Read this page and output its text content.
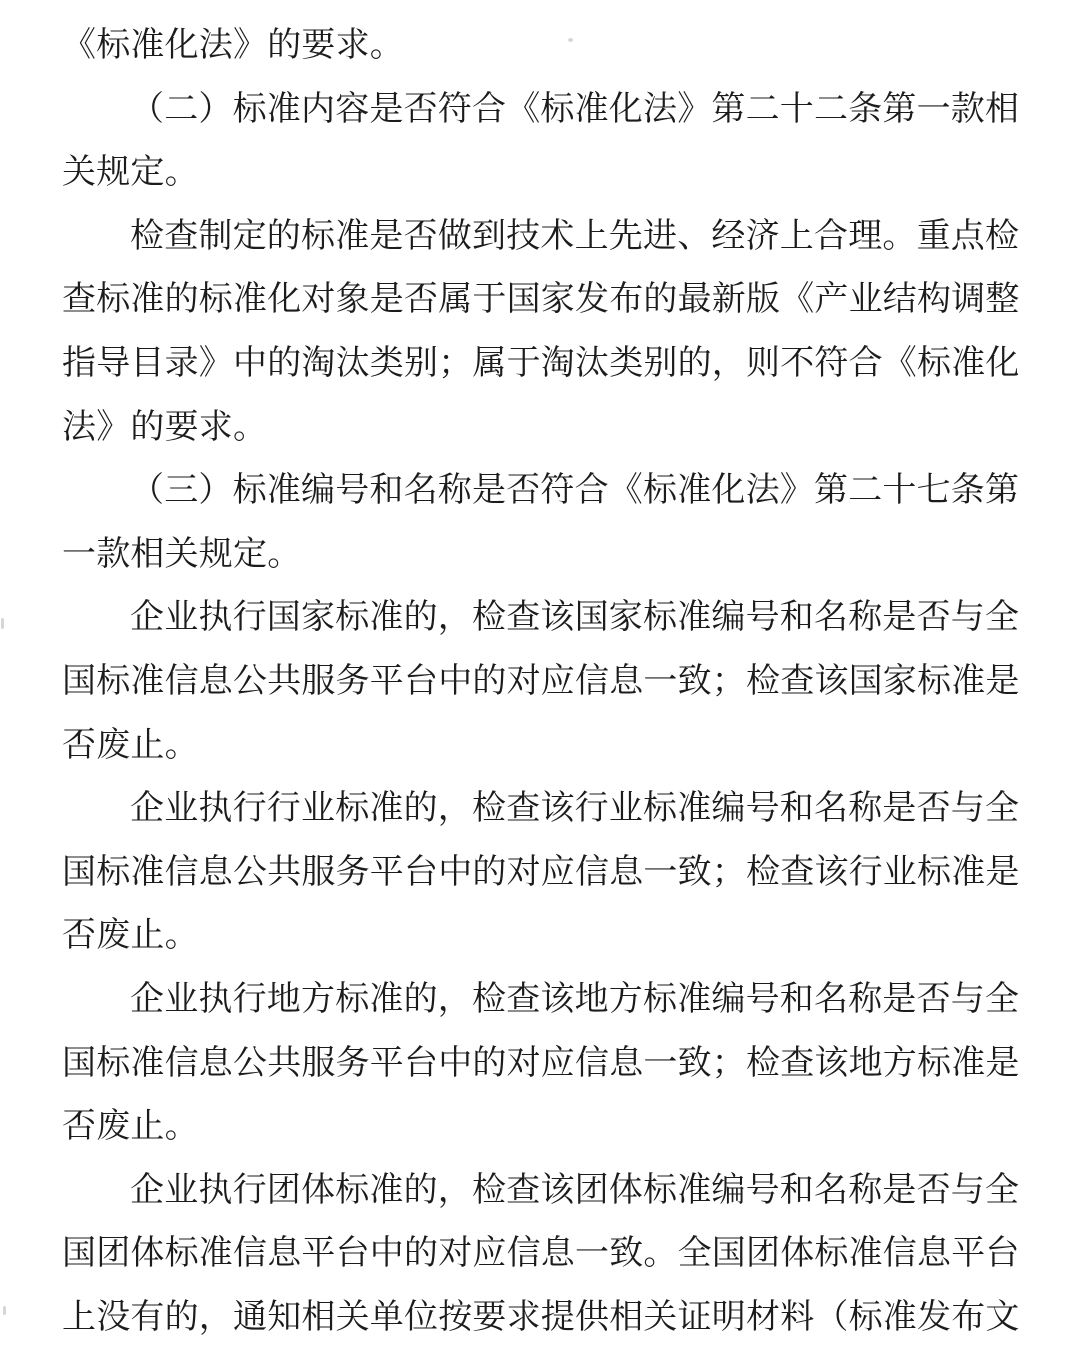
《标准化法》的要求。
（二）标准内容是否符合《标准化法》第二十二条第一款相
关规定。
检查制定的标准是否做到技术上先进、经济上合理。重点检
查标准的标准化对象是否属于国家发布的最新版《产业结构调整
指导目录》中的淘汰类别；属于淘汰类别的，则不符合《标准化
法》的要求。
（三）标准编号和名称是否符合《标准化法》第二十七条第
一款相关规定。
企业执行国家标准的，检查该国家标准编号和名称是否与全
国标准信息公共服务平台中的对应信息一致；检查该国家标准是
否废止。
企业执行行业标准的，检查该行业标准编号和名称是否与全
国标准信息公共服务平台中的对应信息一致；检查该行业标准是
否废止。
企业执行地方标准的，检查该地方标准编号和名称是否与全
国标准信息公共服务平台中的对应信息一致；检查该地方标准是
否废止。
企业执行团体标准的，检查该团体标准编号和名称是否与全
国团体标准信息平台中的对应信息一致。全国团体标准信息平台
上没有的，通知相关单位按要求提供相关证明材料（标准发布文
